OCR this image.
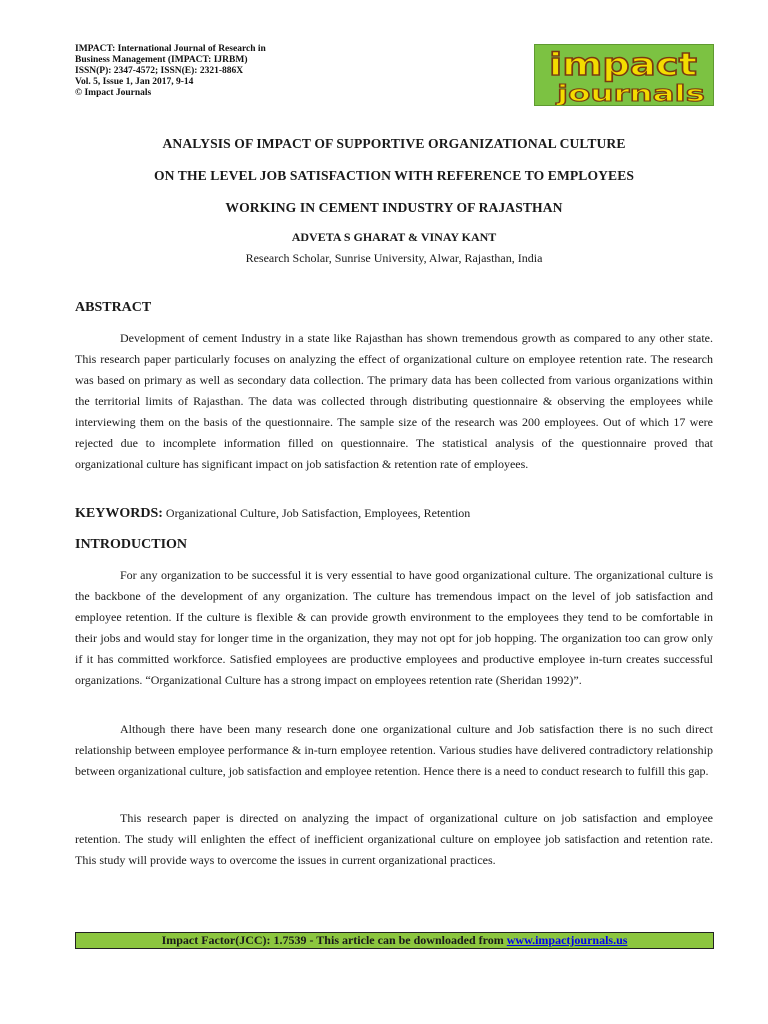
IMPACT: International Journal of Research in
Business Management (IMPACT: IJRBM)
ISSN(P): 2347-4572; ISSN(E): 2321-886X
Vol. 5, Issue 1, Jan 2017, 9-14
© Impact Journals
impact
journals
ANALYSIS OF IMPACT OF SUPPORTIVE ORGANIZATIONAL CULTURE
ON THE LEVEL JOB SATISFACTION WITH REFERENCE TO EMPLOYEES
WORKING IN CEMENT INDUSTRY OF RAJASTHAN
ADVETA S GHARAT & VINAY KANT
Research Scholar, Sunrise University, Alwar, Rajasthan, India
ABSTRACT

Development of cement Industry in a state like Rajasthan has shown tremendous growth as compared to any other state. This research paper particularly focuses on analyzing the effect of organizational culture on employee retention rate. The research was based on primary as well as secondary data collection. The primary data has been collected from various organizations within the territorial limits of Rajasthan. The data was collected through distributing questionnaire & observing the employees while interviewing them on the basis of the questionnaire. The sample size of the research was 200 employees. Out of which 17 were rejected due to incomplete information filled on questionnaire. The statistical analysis of the questionnaire proved that organizational culture has significant impact on job satisfaction & retention rate of employees.

KEYWORDS: Organizational Culture, Job Satisfaction, Employees, Retention
INTRODUCTION

For any organization to be successful it is very essential to have good organizational culture. The organizational culture is the backbone of the development of any organization. The culture has tremendous impact on the level of job satisfaction and employee retention. If the culture is flexible & can provide growth environment to the employees they tend to be comfortable in their jobs and would stay for longer time in the organization, they may not opt for job hopping. The organization too can grow only if it has committed workforce. Satisfied employees are productive employees and productive employee in-turn creates successful organizations. “Organizational Culture has a strong impact on employees retention rate (Sheridan 1992)”.

Although there have been many research done one organizational culture and Job satisfaction there is no such direct relationship between employee performance & in-turn employee retention. Various studies have delivered contradictory relationship between organizational culture, job satisfaction and employee retention. Hence there is a need to conduct research to fulfill this gap.

This research paper is directed on analyzing the impact of organizational culture on job satisfaction and employee retention. The study will enlighten the effect of inefficient organizational culture on employee job satisfaction and retention rate. This study will provide ways to overcome the issues in current organizational practices.

Impact Factor(JCC): 1.7539 - This article can be downloaded from www.impactjournals.us
